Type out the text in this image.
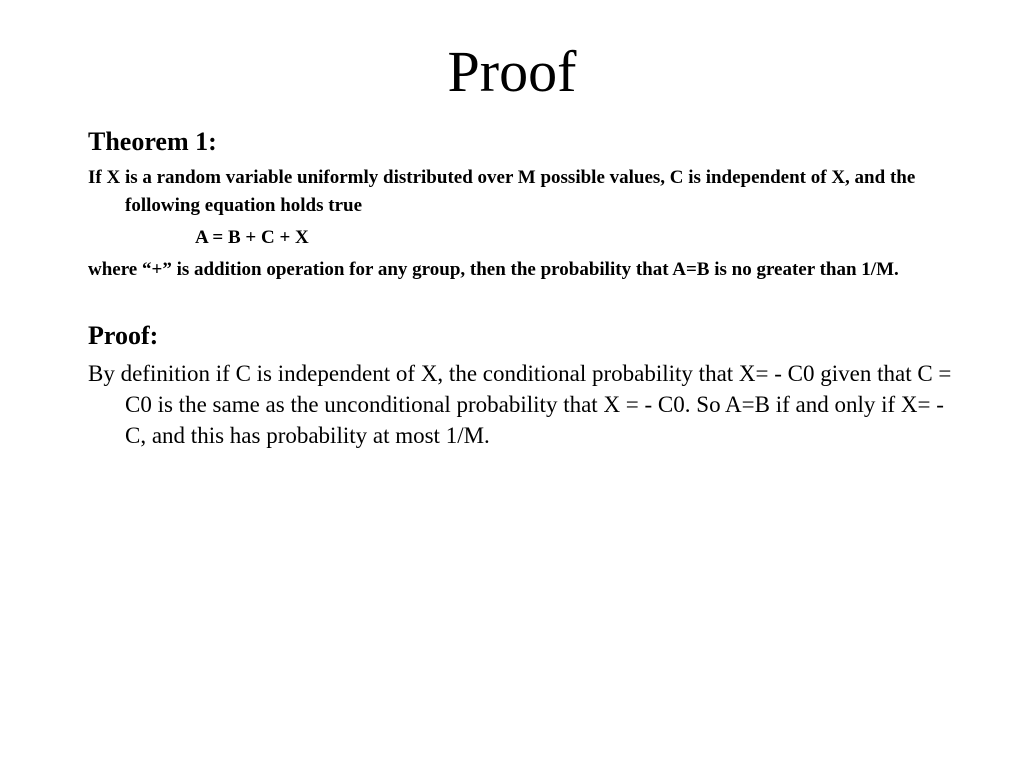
Proof
Theorem 1:

If X is a random variable uniformly distributed over M possible values, C is independent of X, and the following equation holds true

A = B + C + X

where “+” is addition operation for any group, then the probability that A=B is no greater than 1/M.

Proof:

By definition if C is independent of X, the conditional probability that X= - C0 given that C = C0 is the same as the unconditional probability that X = - C0. So A=B if and only if X= - C, and this has probability at most 1/M.
